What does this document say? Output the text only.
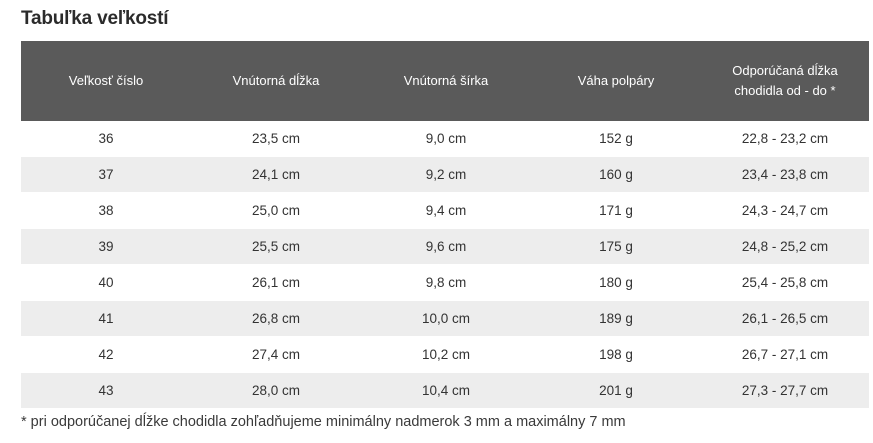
Tabuľka veľkostí
Veľkosť číslo	Vnútorná dĺžka	Vnútorná šírka	Váha polpáry	Odporúčaná dĺžka chodidla od - do *
36	23,5 cm	9,0 cm	152 g	22,8 - 23,2 cm
37	24,1 cm	9,2 cm	160 g	23,4 - 23,8 cm
38	25,0 cm	9,4 cm	171 g	24,3 - 24,7 cm
39	25,5 cm	9,6 cm	175 g	24,8 - 25,2 cm
40	26,1 cm	9,8 cm	180 g	25,4 - 25,8 cm
41	26,8 cm	10,0 cm	189 g	26,1 - 26,5 cm
42	27,4 cm	10,2 cm	198 g	26,7 - 27,1 cm
43	28,0 cm	10,4 cm	201 g	27,3 - 27,7 cm
* pri odporúčanej dĺžke chodidla zohľadňujeme minimálny nadmerok 3 mm a maximálny 7 mm
